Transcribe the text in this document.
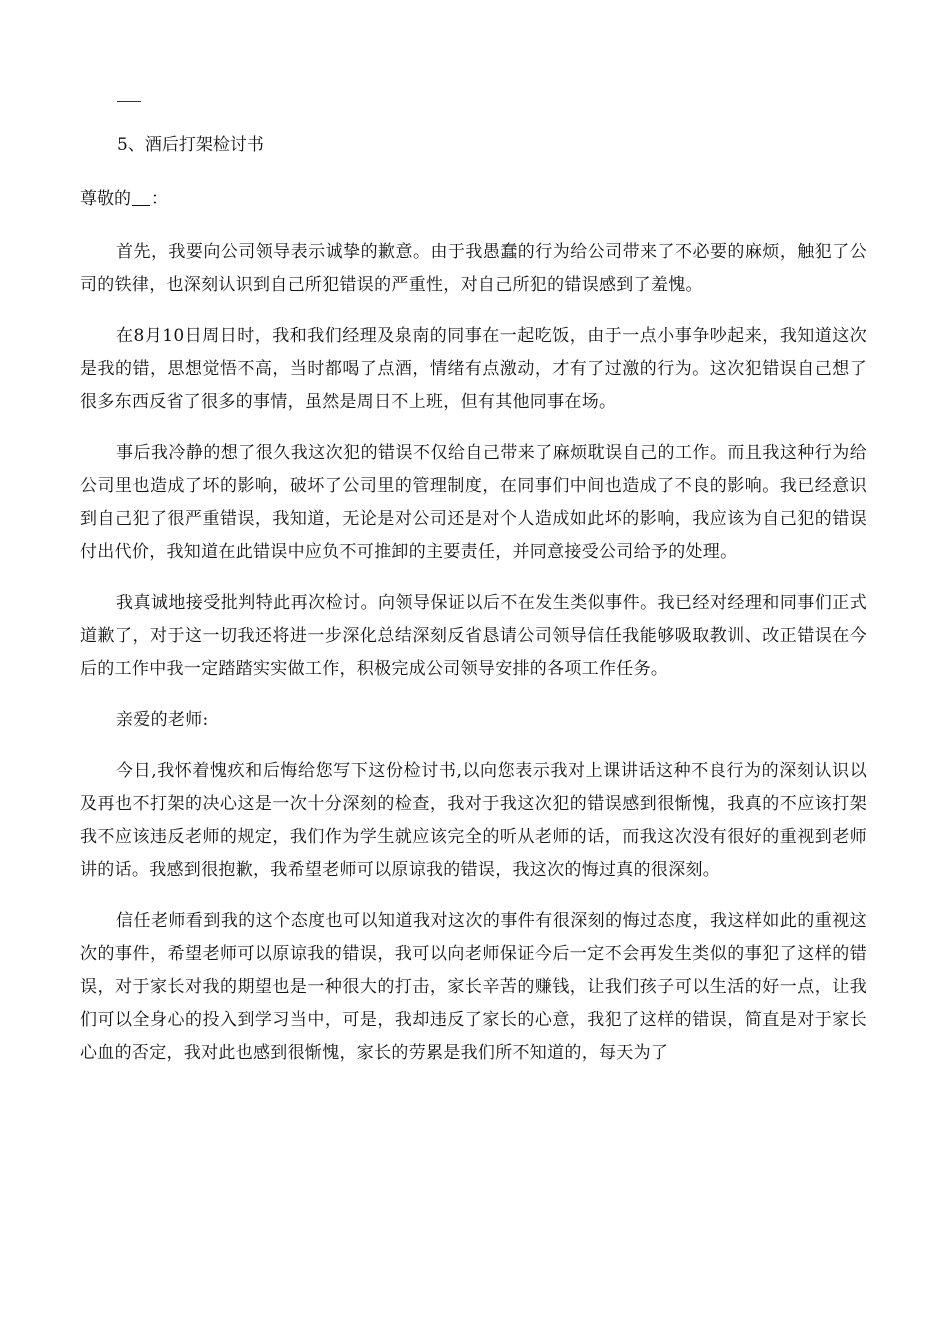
5、酒后打架检讨书
尊敬的 ：

首先，我要向公司领导表示诚挚的歉意。由于我愚蠢的行为给公司带来了不必要的麻烦，触犯了公司的铁律，也深刻认识到自己所犯错误的严重性，对自己所犯的错误感到了羞愧。

在8月10日周日时，我和我们经理及泉南的同事在一起吃饭，由于一点小事争吵起来，我知道这次是我的错，思想觉悟不高，当时都喝了点酒，情绪有点激动，才有了过激的行为。这次犯错误自己想了很多东西反省了很多的事情，虽然是周日不上班，但有其他同事在场。

事后我冷静的想了很久我这次犯的错误不仅给自己带来了麻烦耽误自己的工作。而且我这种行为给公司里也造成了坏的影响，破坏了公司里的管理制度，在同事们中间也造成了不良的影响。我已经意识到自己犯了很严重错误，我知道，无论是对公司还是对个人造成如此坏的影响，我应该为自己犯的错误付出代价，我知道在此错误中应负不可推卸的主要责任，并同意接受公司给予的处理。

我真诚地接受批判特此再次检讨。向领导保证以后不在发生类似事件。我已经对经理和同事们正式道歉了，对于这一切我还将进一步深化总结深刻反省恳请公司领导信任我能够吸取教训、改正错误在今后的工作中我一定踏踏实实做工作，积极完成公司领导安排的各项工作任务。

亲爱的老师:

今日,我怀着愧疚和后悔给您写下这份检讨书,以向您表示我对上课讲话这种不良行为的深刻认识以及再也不打架的决心这是一次十分深刻的检查，我对于我这次犯的错误感到很惭愧，我真的不应该打架我不应该违反老师的规定，我们作为学生就应该完全的听从老师的话，而我这次没有很好的重视到老师讲的话。我感到很抱歉，我希望老师可以原谅我的错误，我这次的悔过真的很深刻。

信任老师看到我的这个态度也可以知道我对这次的事件有很深刻的悔过态度，我这样如此的重视这次的事件，希望老师可以原谅我的错误，我可以向老师保证今后一定不会再发生类似的事犯了这样的错误，对于家长对我的期望也是一种很大的打击，家长辛苦的赚钱，让我们孩子可以生活的好一点，让我们可以全身心的投入到学习当中，可是，我却违反了家长的心意，我犯了这样的错误，简直是对于家长心血的否定，我对此也感到很惭愧，家长的劳累是我们所不知道的，每天为了
